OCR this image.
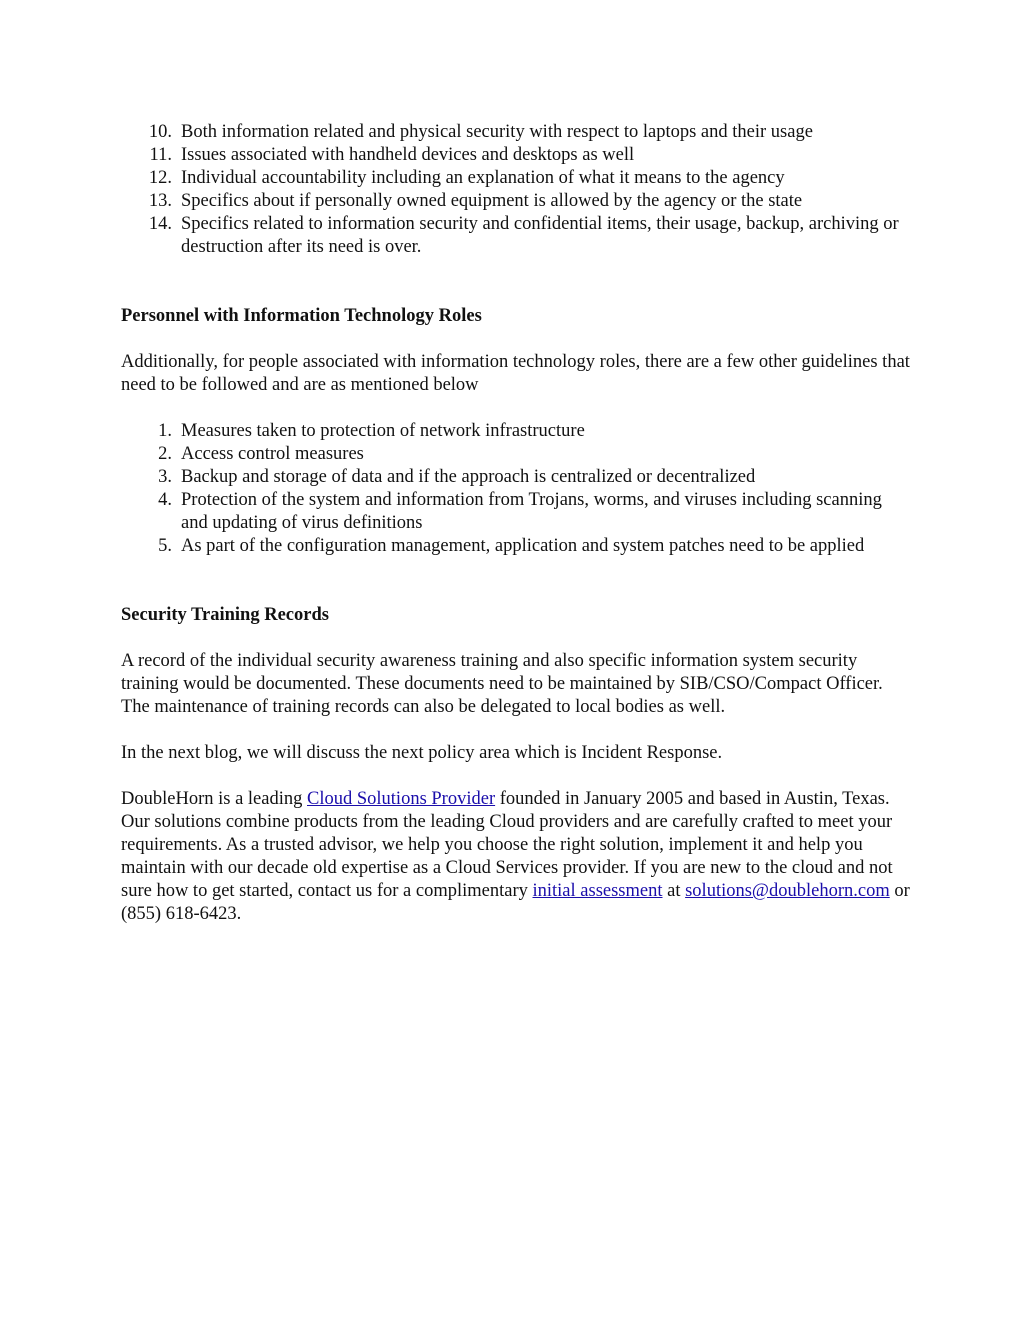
10. Both information related and physical security with respect to laptops and their usage
11. Issues associated with handheld devices and desktops as well
12. Individual accountability including an explanation of what it means to the agency
13. Specifics about if personally owned equipment is allowed by the agency or the state
14. Specifics related to information security and confidential items, their usage, backup, archiving or destruction after its need is over.

Personnel with Information Technology Roles

Additionally, for people associated with information technology roles, there are a few other guidelines that need to be followed and are as mentioned below

1. Measures taken to protection of network infrastructure
2. Access control measures
3. Backup and storage of data and if the approach is centralized or decentralized
4. Protection of the system and information from Trojans, worms, and viruses including scanning and updating of virus definitions
5. As part of the configuration management, application and system patches need to be applied

Security Training Records

A record of the individual security awareness training and also specific information system security training would be documented. These documents need to be maintained by SIB/CSO/Compact Officer. The maintenance of training records can also be delegated to local bodies as well.

In the next blog, we will discuss the next policy area which is Incident Response.

DoubleHorn is a leading Cloud Solutions Provider founded in January 2005 and based in Austin, Texas. Our solutions combine products from the leading Cloud providers and are carefully crafted to meet your requirements. As a trusted advisor, we help you choose the right solution, implement it and help you maintain with our decade old expertise as a Cloud Services provider. If you are new to the cloud and not sure how to get started, contact us for a complimentary initial assessment at solutions@doublehorn.com or (855) 618-6423.
